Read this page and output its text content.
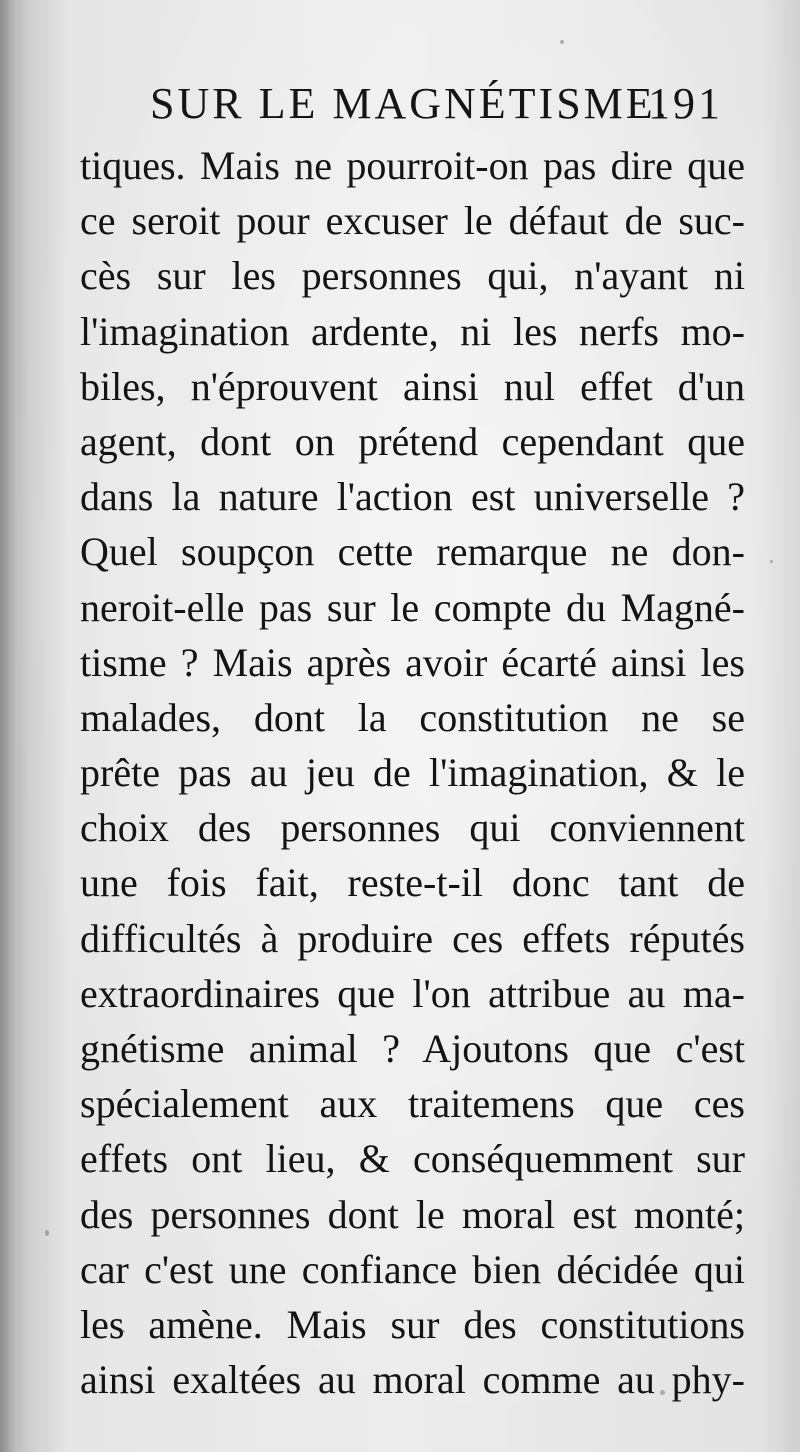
SUR LE MAGNÉTISME.
191
tiques. Mais ne pourroit-on pas dire que
ce seroit pour excuser le défaut de suc-
cès sur les personnes qui, n'ayant ni
l'imagination ardente, ni les nerfs mo-
biles, n'éprouvent ainsi nul effet d'un
agent, dont on prétend cependant que
dans la nature l'action est universelle ?
Quel soupçon cette remarque ne don-
neroit-elle pas sur le compte du Magné-
tisme ? Mais après avoir écarté ainsi les
malades, dont la constitution ne se
prête pas au jeu de l'imagination, & le
choix des personnes qui conviennent
une fois fait, reste-t-il donc tant de
difficultés à produire ces effets réputés
extraordinaires que l'on attribue au ma-
gnétisme animal ? Ajoutons que c'est
spécialement aux traitemens que ces
effets ont lieu, & conséquemment sur
des personnes dont le moral est monté;
car c'est une confiance bien décidée qui
les amène. Mais sur des constitutions
ainsi exaltées au moral comme au phy-
